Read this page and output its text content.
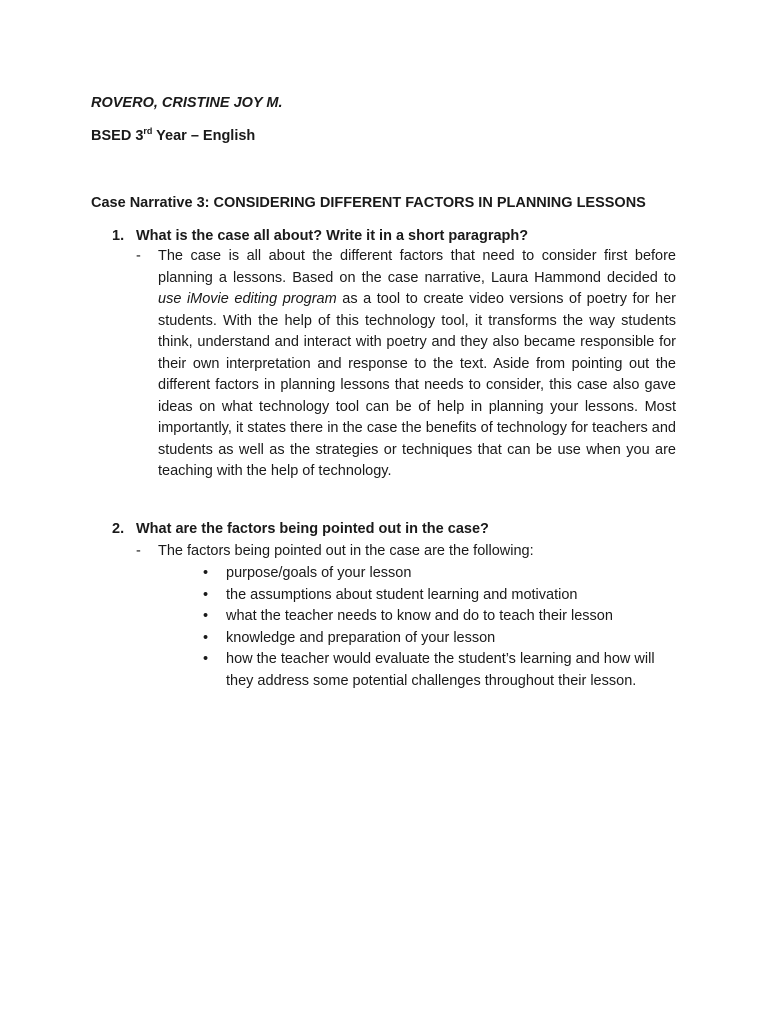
ROVERO, CRISTINE JOY M.
BSED 3rd Year – English
Case Narrative 3: CONSIDERING DIFFERENT FACTORS IN PLANNING LESSONS
1. What is the case all about? Write it in a short paragraph?
- The case is all about the different factors that need to consider first before planning a lessons. Based on the case narrative, Laura Hammond decided to use iMovie editing program as a tool to create video versions of poetry for her students. With the help of this technology tool, it transforms the way students think, understand and interact with poetry and they also became responsible for their own interpretation and response to the text. Aside from pointing out the different factors in planning lessons that needs to consider, this case also gave ideas on what technology tool can be of help in planning your lessons. Most importantly, it states there in the case the benefits of technology for teachers and students as well as the strategies or techniques that can be use when you are teaching with the help of technology.
2. What are the factors being pointed out in the case?
- The factors being pointed out in the case are the following:
• purpose/goals of your lesson
• the assumptions about student learning and motivation
• what the teacher needs to know and do to teach their lesson
• knowledge and preparation of your lesson
• how the teacher would evaluate the student’s learning and how will they address some potential challenges throughout their lesson.
